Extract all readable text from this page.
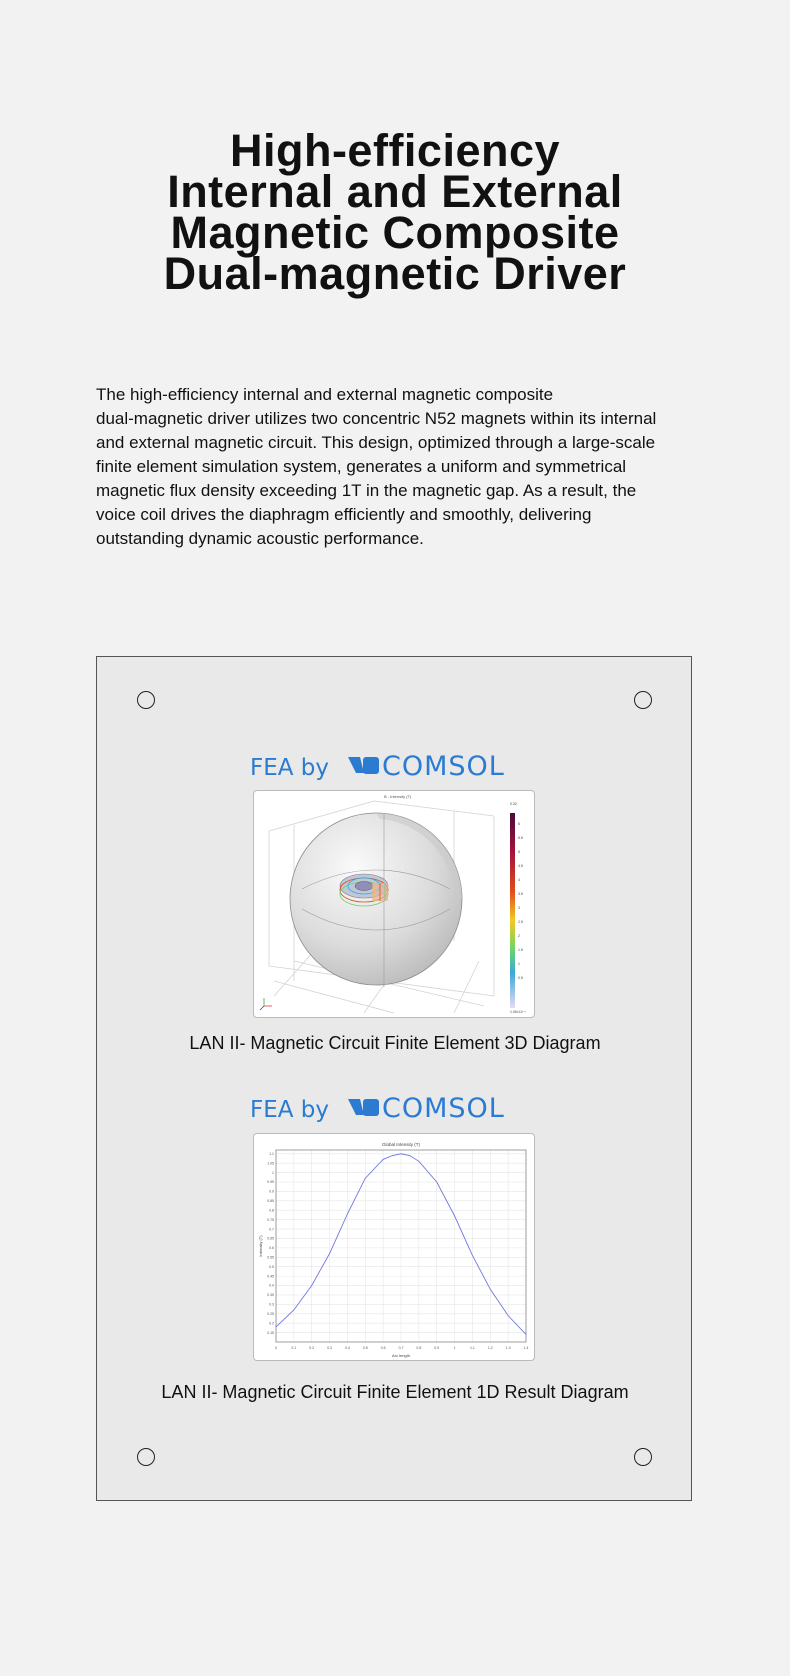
High-efficiency
Internal and External
Magnetic Composite
Dual-magnetic Driver

The high-efficiency internal and external magnetic composite
dual-magnetic driver utilizes two concentric N52 magnets within its internal
and external magnetic circuit. This design, optimized through a large-scale
finite element simulation system, generates a uniform and symmetrical
magnetic flux density exceeding 1T in the magnetic gap. As a result, the
voice coil drives the diaphragm efficiently and smoothly, delivering
outstanding dynamic acoustic performance.

FEA by COMSOL
B - Intensity (T)
0.32
6
5.5
5
4.5
4
3.5
3
2.5
2
1.5
1
0.5
1.06×10⁻³

LAN II- Magnetic Circuit Finite Element 3D Diagram

FEA by COMSOL
Global Intensity (T)
Arc length
Intensity (T)
0	0.1	0.2	0.3	0.4	0.5	0.6	0.7	0.8	0.9	1	1.1	1.2	1.3	1.4
0.15
0.2
0.25
0.3
0.35
0.4
0.45
0.5
0.55
0.6
0.65
0.7
0.75
0.8
0.85
0.9
0.95
1
1.05
1.1

LAN II- Magnetic Circuit Finite Element 1D Result Diagram
